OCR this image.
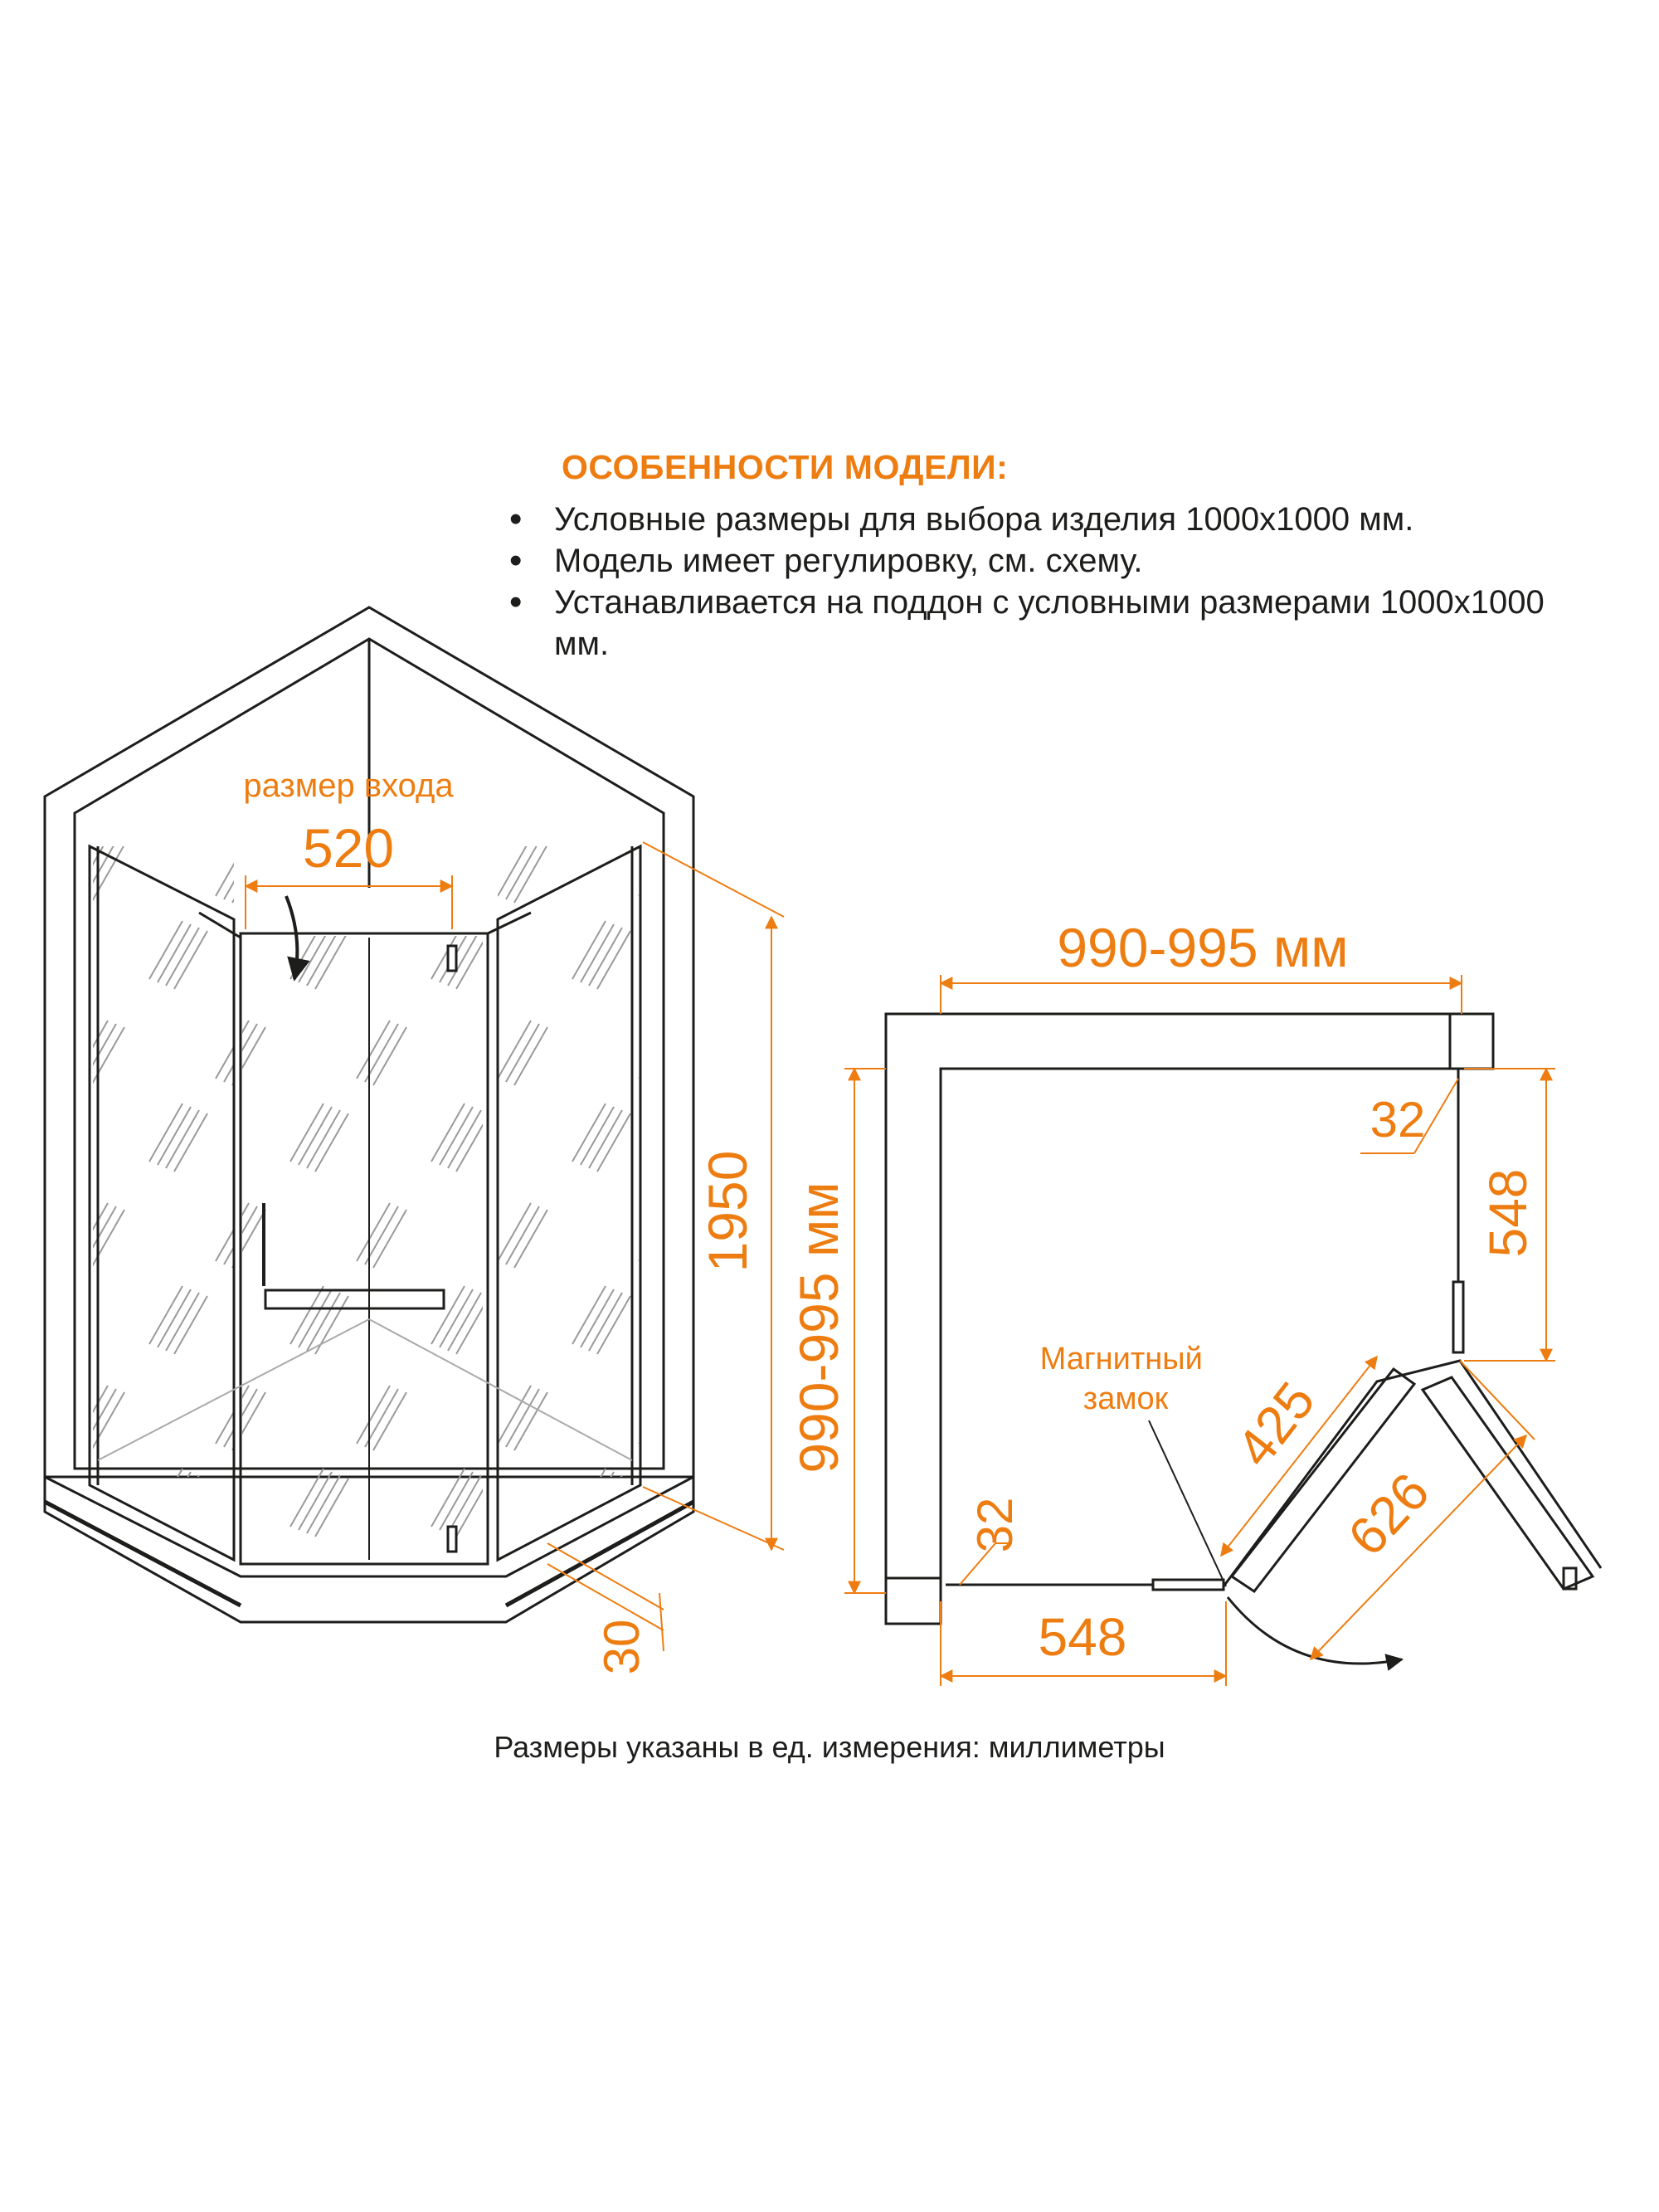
ОСОБЕННОСТИ МОДЕЛИ:
• Условные размеры для выбора изделия 1000х1000 мм.
• Модель имеет регулировку, см. схему.
• Устанавливается на поддон с условными размерами 1000х1000 мм.
размер входа
520
1950
30
990-995 мм
990-995 мм
32
548
32
548
425
626
Магнитный замок
Размеры указаны в ед. измерения: миллиметры
